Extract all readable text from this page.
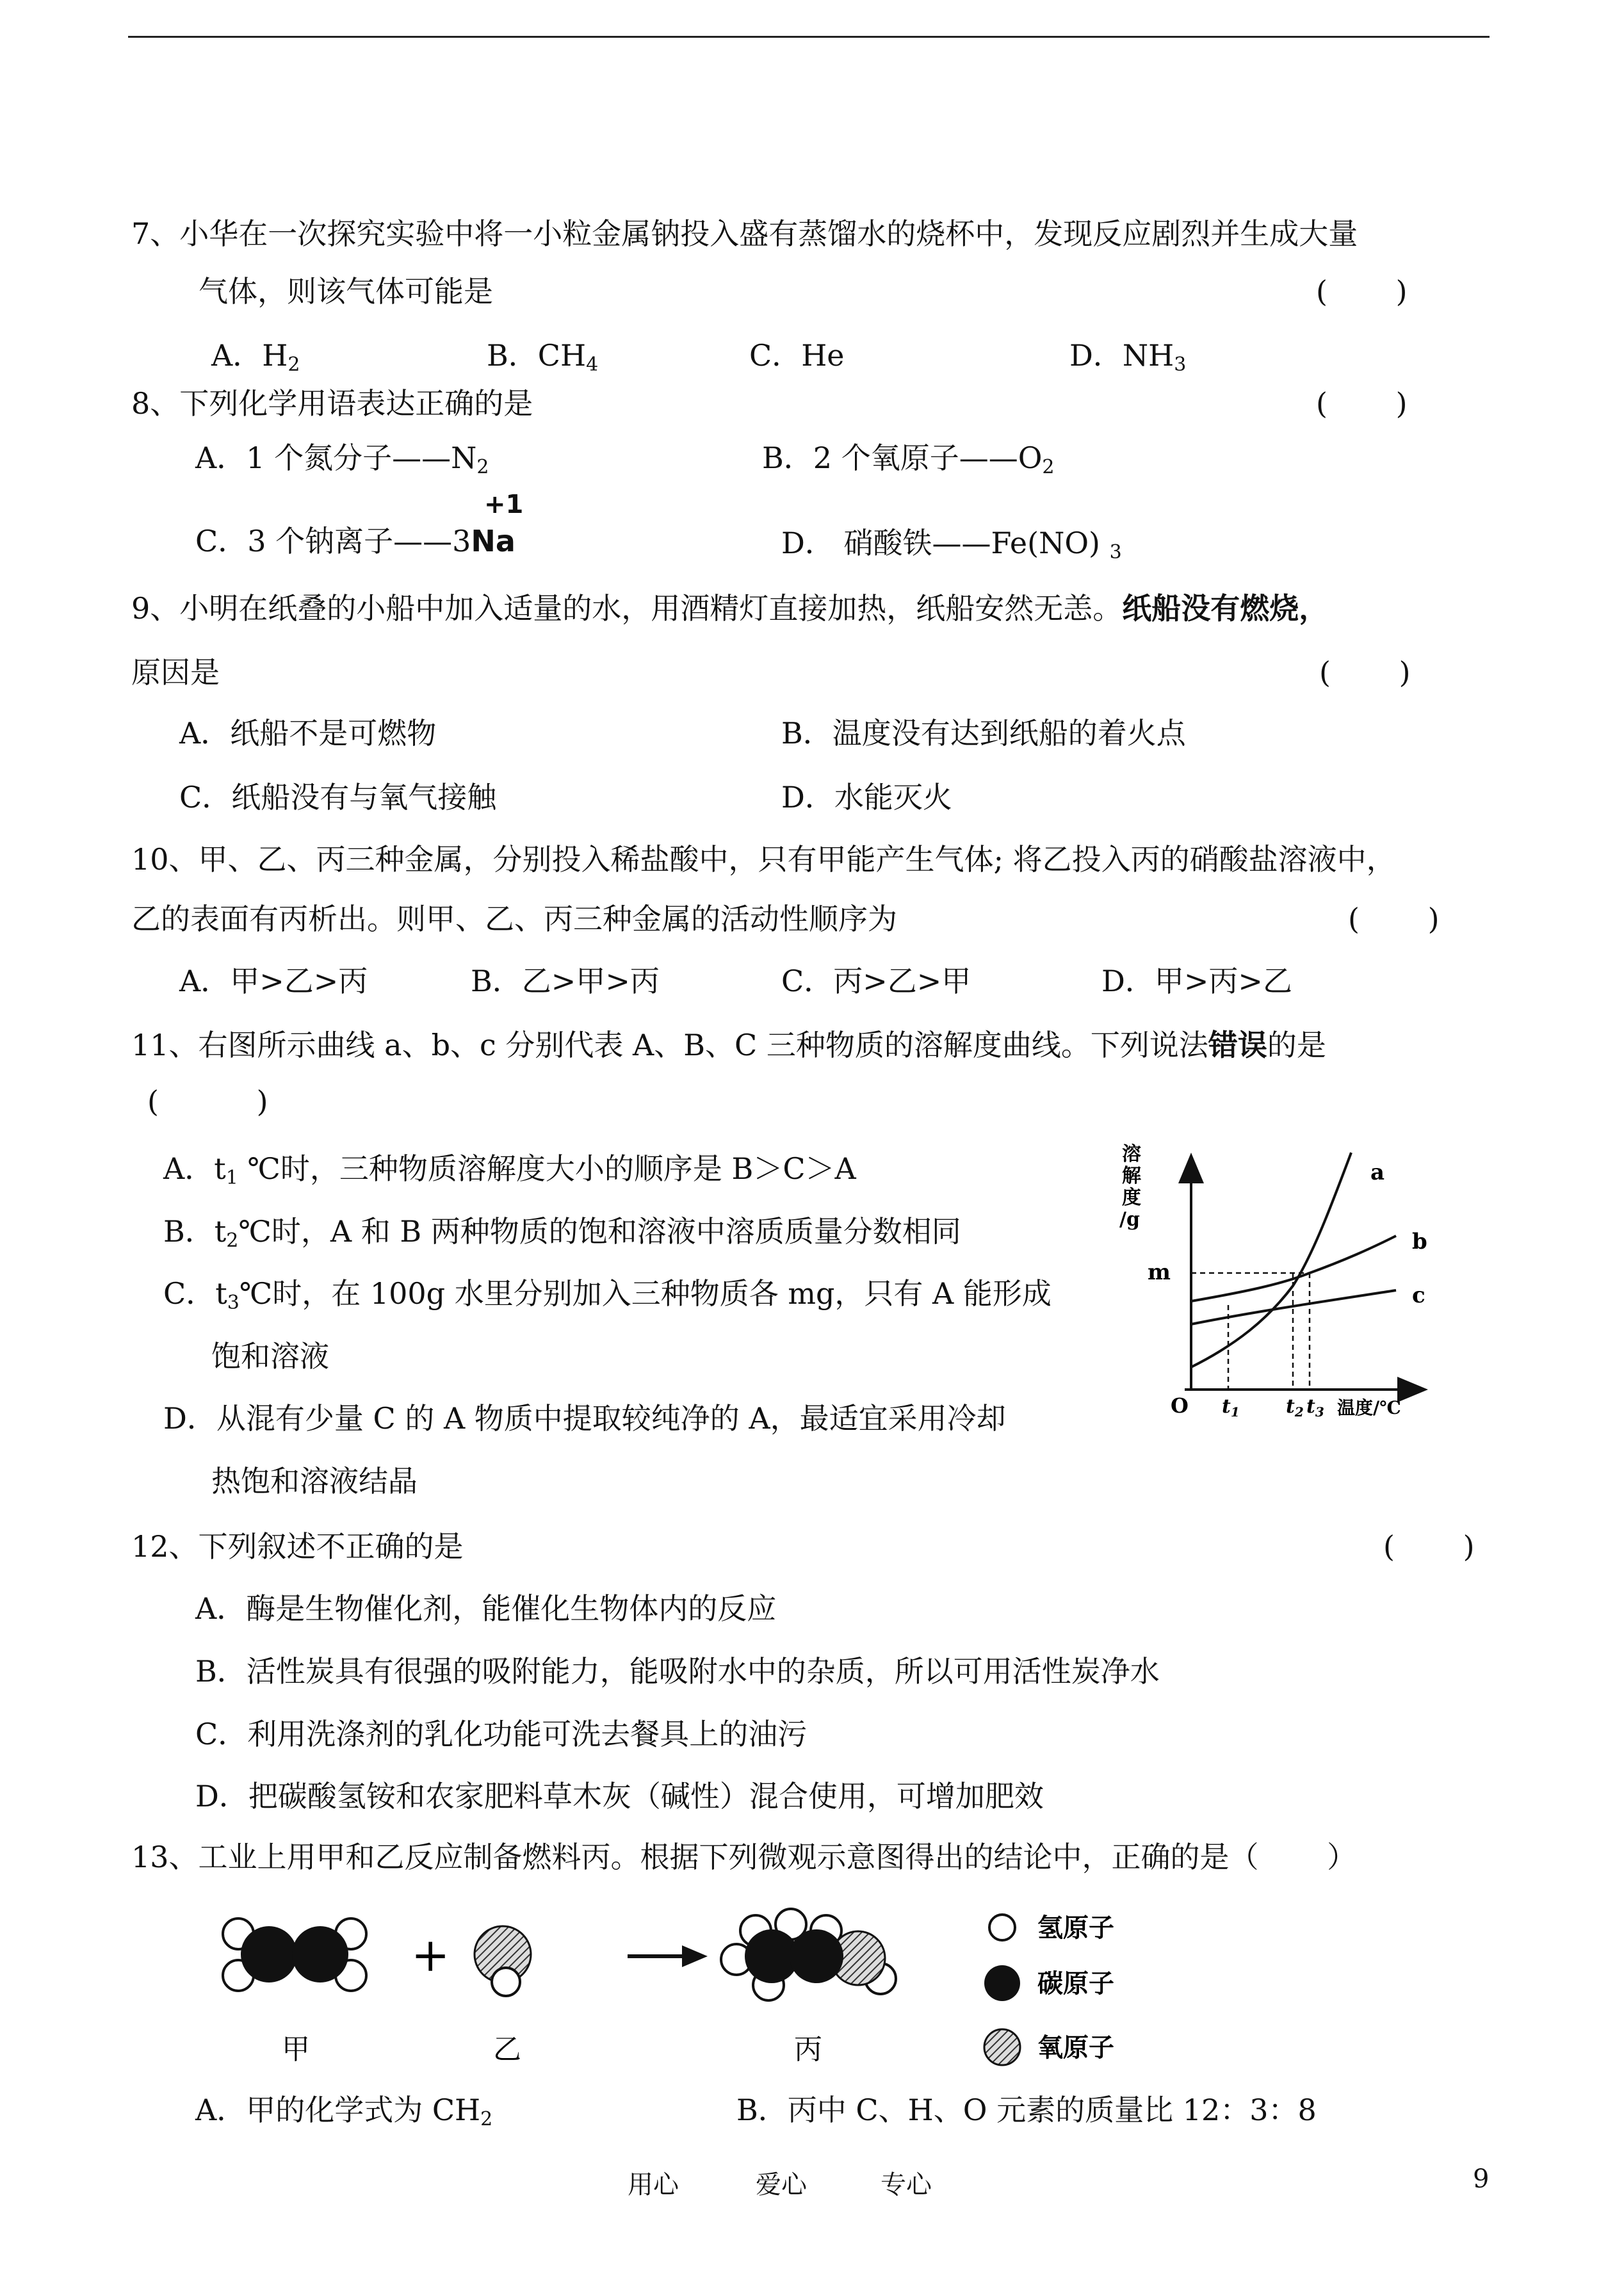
7、小华在一次探究实验中将一小粒金属钠投入盛有蒸馏水的烧杯中，发现反应剧烈并生成大量
气体，则该气体可能是	(　　 )
A．H2	B．CH4	C．He	D．NH3
8、下列化学用语表达正确的是	(　　 )
A．1 个氮分子——N2	B．2 个氧原子——O2
+1
C．3 个钠离子——3Na	D． 硝酸铁——Fe(NO) 3
9、小明在纸叠的小船中加入适量的水，用酒精灯直接加热，纸船安然无恙。纸船没有燃烧，
原因是	(　　 )
A．纸船不是可燃物	B．温度没有达到纸船的着火点
C．纸船没有与氧气接触	D．水能灭火
10、甲、乙、丙三种金属，分别投入稀盐酸中，只有甲能产生气体; 将乙投入丙的硝酸盐溶液中，
乙的表面有丙析出。则甲、乙、丙三种金属的活动性顺序为	(　　 )
A．甲>乙>丙	B．乙>甲>丙	C．丙>乙>甲	D．甲>丙>乙
11、右图所示曲线 a、b、c 分别代表 A、B、C 三种物质的溶解度曲线。下列说法错误的是
(　　 　)
A．t1 ℃时，三种物质溶解度大小的顺序是 B＞C＞A
B．t2℃时，A 和 B 两种物质的饱和溶液中溶质质量分数相同
C．t3℃时，在 100g 水里分别加入三种物质各 mg，只有 A 能形成
饱和溶液
D．从混有少量 C 的 A 物质中提取较纯净的 A，最适宜采用冷却
热饱和溶液结晶
溶
解
度
/g
O
m
a
b
c
$t_1$ $t_2$ $t_3$ 温度/℃
12、下列叙述不正确的是	(　　 )
A．酶是生物催化剂，能催化生物体内的反应
B．活性炭具有很强的吸附能力，能吸附水中的杂质，所以可用活性炭净水
C．利用洗涤剂的乳化功能可洗去餐具上的油污
D．把碳酸氢铵和农家肥料草木灰（碱性）混合使用，可增加肥效
13、工业上用甲和乙反应制备燃料丙。根据下列微观示意图得出的结论中，正确的是（　　 ）
甲
+
乙	丙
氢原子
碳原子
氧原子
A．甲的化学式为 CH2	B．丙中 C、H、O 元素的质量比 12：3：8
用心	爱心	专心	9
